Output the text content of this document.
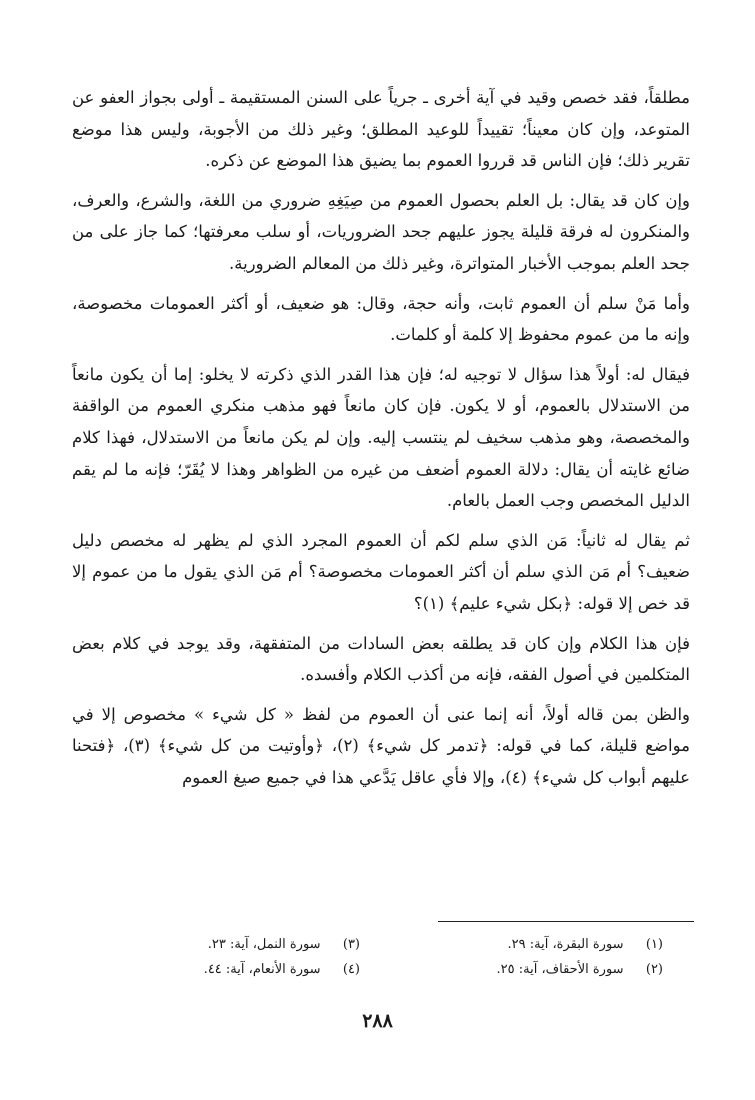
مطلقاً، فقد خصص وقيد في آية أخرى ـ جرياً على السنن المستقيمة ـ أولى بجواز العفو عن المتوعد، وإن كان معيناً؛ تقييداً للوعيد المطلق؛ وغير ذلك من الأجوبة، وليس هذا موضع تقرير ذلك؛ فإن الناس قد قرروا العموم بما يضيق هذا الموضع عن ذكره.

وإن كان قد يقال: بل العلم بحصول العموم من صِيَغِهِ ضروري من اللغة، والشرع، والعرف، والمنكرون له فرقة قليلة يجوز عليهم جحد الضروريات، أو سلب معرفتها؛ كما جاز على من جحد العلم بموجب الأخبار المتواترة، وغير ذلك من المعالم الضرورية.

وأما مَنْ سلم أن العموم ثابت، وأنه حجة، وقال: هو ضعيف، أو أكثر العمومات مخصوصة، وإنه ما من عموم محفوظ إلا كلمة أو كلمات.

فيقال له: أولاً هذا سؤال لا توجيه له؛ فإن هذا القدر الذي ذكرته لا يخلو: إما أن يكون مانعاً من الاستدلال بالعموم، أو لا يكون. فإن كان مانعاً فهو مذهب منكري العموم من الواقفة والمخصصة، وهو مذهب سخيف لم ينتسب إليه. وإن لم يكن مانعاً من الاستدلال، فهذا كلام ضائع غايته أن يقال: دلالة العموم أضعف من غيره من الظواهر وهذا لا يُقَرّ؛ فإنه ما لم يقم الدليل المخصص وجب العمل بالعام.

ثم يقال له ثانياً: مَن الذي سلم لكم أن العموم المجرد الذي لم يظهر له مخصص دليل ضعيف؟ أم مَن الذي سلم أن أكثر العمومات مخصوصة؟ أم مَن الذي يقول ما من عموم إلا قد خص إلا قوله: ﴿بكل شيء عليم﴾ (١)؟

فإن هذا الكلام وإن كان قد يطلقه بعض السادات من المتفقهة، وقد يوجد في كلام بعض المتكلمين في أصول الفقه، فإنه من أكذب الكلام وأفسده.

والظن بمن قاله أولاً، أنه إنما عنى أن العموم من لفظ « كل شيء » مخصوص إلا في مواضع قليلة، كما في قوله: ﴿تدمر كل شيء﴾ (٢)، ﴿وأوتيت من كل شيء﴾ (٣)، ﴿فتحنا عليهم أبواب كل شيء﴾ (٤)، وإلا فأي عاقل يَدَّعي هذا في جميع صيغ العموم

(١)  سورة البقرة، آية: ٢٩.
(٣)  سورة النمل، آية: ٢٣.
(٢)  سورة الأحقاف، آية: ٢٥.
(٤)  سورة الأنعام، آية: ٤٤.
٢٨٨
